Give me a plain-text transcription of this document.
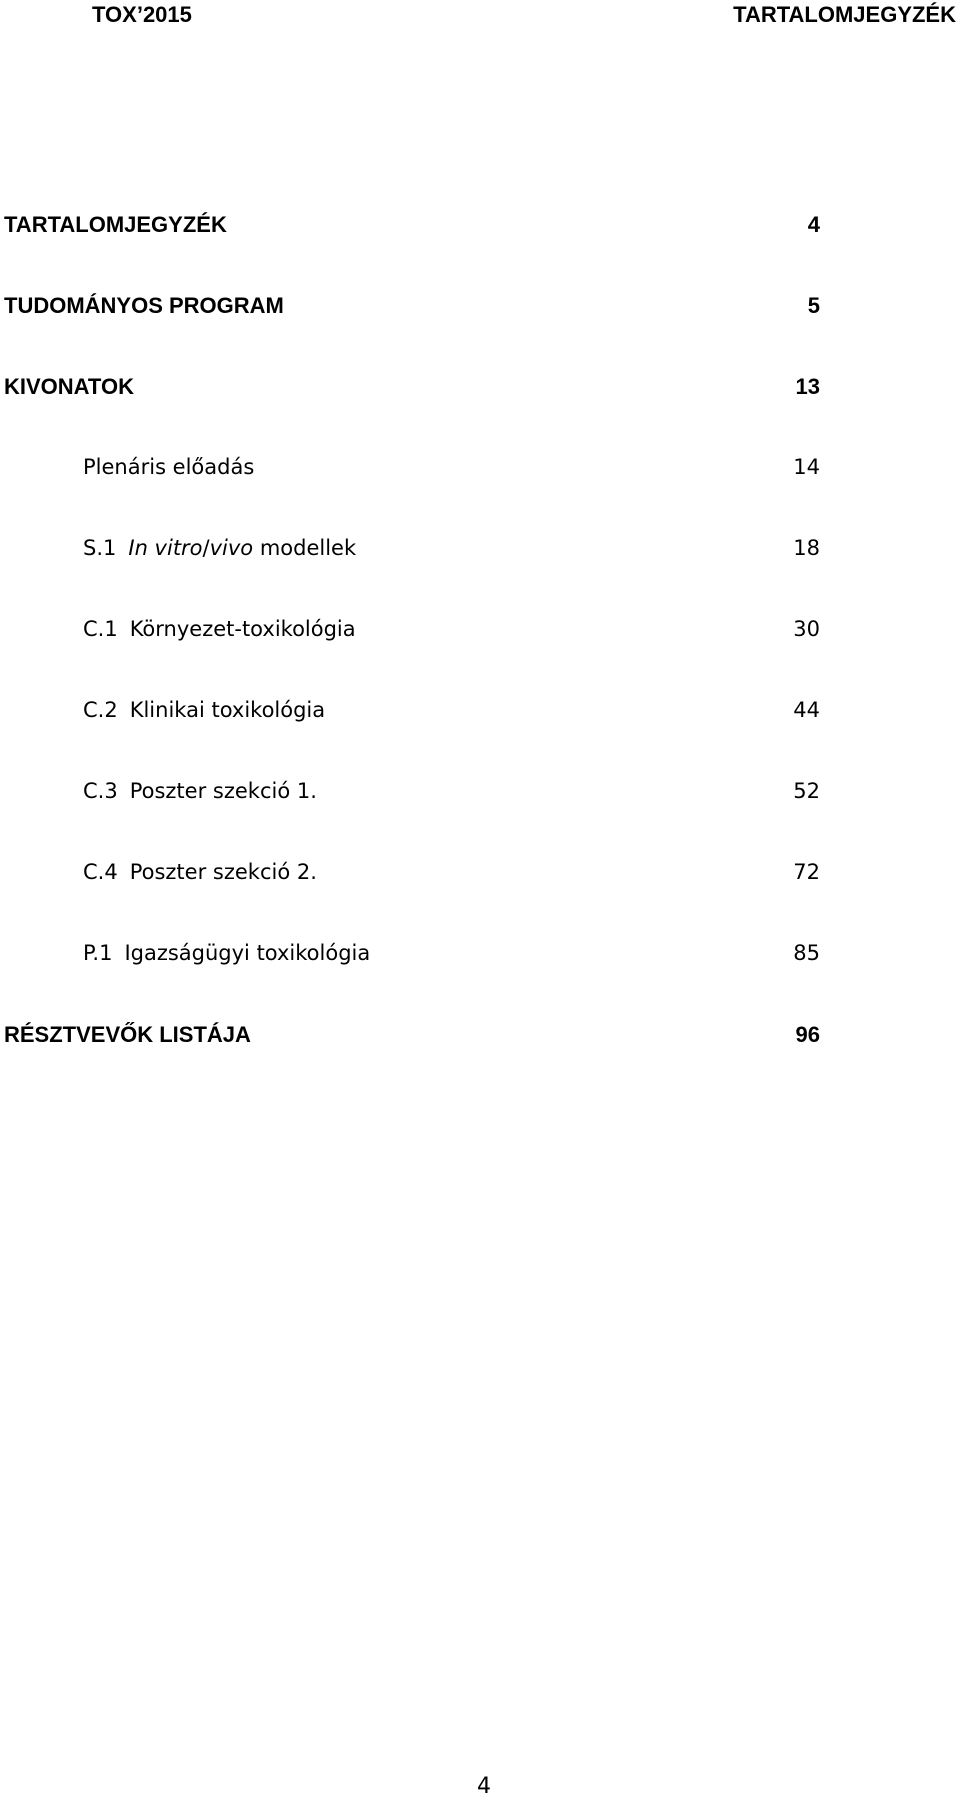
TOX’2015	TARTALOMJEGYZÉK
TARTALOMJEGYZÉK	4
TUDOMÁNYOS PROGRAM	5
KIVONATOK	13
Plenáris előadás	14
S.1 In vitro/vivo modellek	18
C.1 Környezet-toxikológia	30
C.2 Klinikai toxikológia	44
C.3 Poszter szekció 1.	52
C.4 Poszter szekció 2.	72
P.1 Igazságügyi toxikológia	85
RÉSZTVEVŐK LISTÁJA	96
4
